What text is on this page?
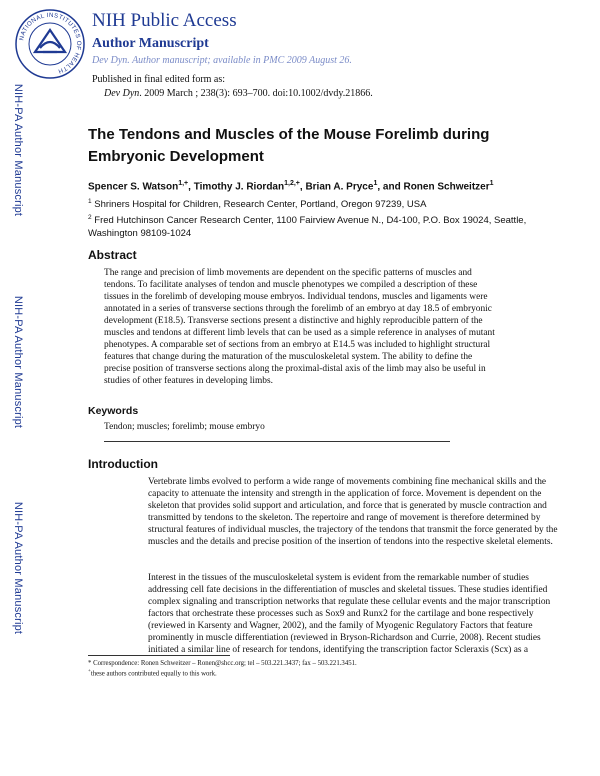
NIH-PA Author Manuscript
NIH-PA Author Manuscript
NIH-PA Author Manuscript
NATIONAL INSTITUTES OF HEALTH
NIH Public Access
Author Manuscript
Dev Dyn. Author manuscript; available in PMC 2009 August 26.
Published in final edited form as:
Dev Dyn. 2009 March ; 238(3): 693–700. doi:10.1002/dvdy.21866.
The Tendons and Muscles of the Mouse Forelimb during Embryonic Development
Spencer S. Watson$^{1,+}$, Timothy J. Riordan$^{1,2,+}$, Brian A. Pryce$^1$, and Ronen Schweitzer$^1$
$^1$ Shriners Hospital for Children, Research Center, Portland, Oregon 97239, USA
$^2$ Fred Hutchinson Cancer Research Center, 1100 Fairview Avenue N., D4-100, P.O. Box 19024, Seattle, Washington 98109-1024
Abstract
The range and precision of limb movements are dependent on the specific patterns of muscles and tendons. To facilitate analyses of tendon and muscle phenotypes we compiled a description of these tissues in the forelimb of developing mouse embryos. Individual tendons, muscles and ligaments were annotated in a series of transverse sections through the forelimb of an embryo at day 18.5 of embryonic development (E18.5). Transverse sections present a distinctive and highly reproducible pattern of the muscles and tendons at different limb levels that can be used as a simple reference in analyses of mutant phenotypes. A comparable set of sections from an embryo at E14.5 was included to highlight structural features that change during the maturation of the musculoskeletal system. The ability to define the precise position of transverse sections along the proximal-distal axis of the limb may also be useful in studies of other features in developing limbs.
Keywords
Tendon; muscles; forelimb; mouse embryo
Introduction
Vertebrate limbs evolved to perform a wide range of movements combining fine mechanical skills and the capacity to attenuate the intensity and strength in the application of force. Movement is dependent on the skeleton that provides solid support and articulation, and force that is generated by muscle contraction and transmitted by tendons to the skeleton. The repertoire and range of movement is therefore determined by structural features of individual muscles, the trajectory of the tendons that transmit the force generated by the muscles and the details and precise position of the insertion of tendons into the respective skeletal elements.
Interest in the tissues of the musculoskeletal system is evident from the remarkable number of studies addressing cell fate decisions in the differentiation of muscles and skeletal tissues. These studies identified complex signaling and transcription networks that regulate these cellular events and the major transcription factors that orchestrate these processes such as Sox9 and Runx2 for the cartilage and bone respectively (reviewed in Karsenty and Wagner, 2002), and the family of Myogenic Regulatory Factors that feature prominently in muscle differentiation (reviewed in Bryson-Richardson and Currie, 2008). Recent studies initiated a similar line of research for tendons, identifying the transcription factor Scleraxis (Scx) as a
* Correspondence: Ronen Schweitzer – Ronen@shcc.org; tel – 503.221.3437; fax – 503.221.3451.
+these authors contributed equally to this work.
